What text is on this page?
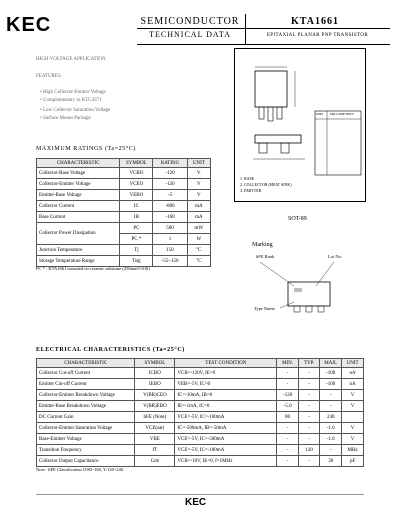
KEC	SEMICONDUCTOR
TECHNICAL DATA
KTA1661
EPITAXIAL PLANAR PNP TRANSISTOR
HIGH VOLTAGE APPLICATION
FEATURES
• High Collector-Emitter Voltage
• Complementary to KTC4371
• Low Collector Saturation Voltage
• Surface Mount Package
DIM MILLIMETERS
1. BASE
2. COLLECTOR (HEAT SINK)
3. EMITTER
SOT-89
MAXIMUM RATINGS (Ta=25°C)
CHARACTERISTIC	SYMBOL	RATING	UNIT
Collector-Base Voltage	VCBO	-120	V
Collector-Emitter Voltage	VCEO	-120	V
Emitter-Base Voltage	VEBO	-5	V
Collector Current	IC	-800	mA
Base Current	IB	-160	mA
Collector Power Dissipation	PC	500	mW
	PC *	1	W
Junction Temperature	Tj	150	°C
Storage Temperature Range	Tstg	-55~150	°C
PC * : KTA1661 mounted on ceramic substrate (250mm²×0.8t)
Marking
hFE Rank	Lot No.
Type Name
ELECTRICAL CHARACTERISTICS (Ta=25°C)
CHARACTERISTIC	SYMBOL	TEST CONDITION	MIN.	TYP.	MAX.	UNIT
Collector Cut-off Current	ICBO	VCB=-120V, IE=0	-	-	-100	nA
Emitter Cut-off Current	IEBO	VEB=-5V, IC=0	-	-	-100	nA
Collector-Emitter Breakdown Voltage	V(BR)CEO	IC=-10mA, IB=0	-120	-	-	V
Emitter-Base Breakdown Voltage	V(BR)EBO	IE=-1mA, IC=0	-5.0	-	-	V
DC Current Gain	hFE (Note)	VCE=-5V, IC=-100mA	80	-	240	
Collector-Emitter Saturation Voltage	VCE(sat)	IC=-500mA, IB=-50mA	-	-	-1.0	V
Base-Emitter Voltage	VBE	VCE=-5V, IC=-500mA	-	-	-1.0	V
Transition Frequency	fT	VCE=-5V, IC=-100mA	-	120	-	MHz
Collector Output Capacitance	Cob	VCB=-10V, IE=0, f=1MHz	-	-	30	pF
Note : hFE Classification O:80~160, Y:120~240
KEC
